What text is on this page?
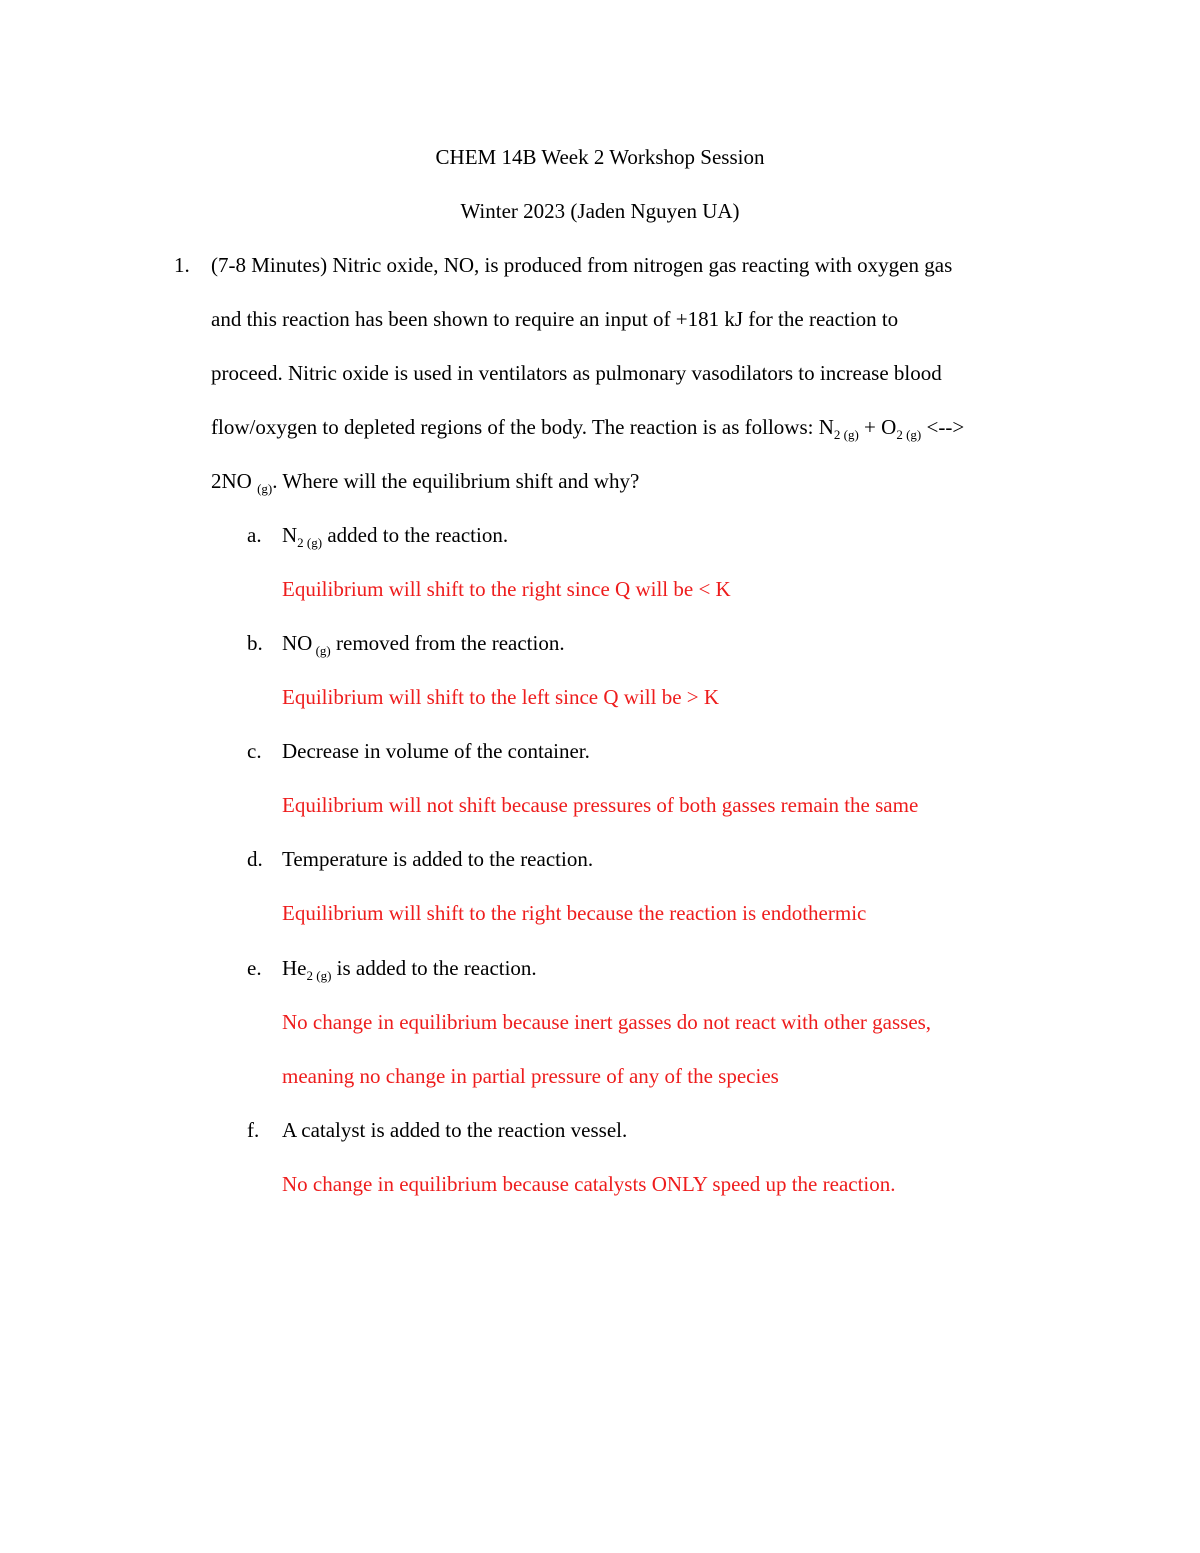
CHEM 14B Week 2 Workshop Session
Winter 2023 (Jaden Nguyen UA)
1. (7-8 Minutes) Nitric oxide, NO, is produced from nitrogen gas reacting with oxygen gas
and this reaction has been shown to require an input of +181 kJ for the reaction to
proceed. Nitric oxide is used in ventilators as pulmonary vasodilators to increase blood
flow/oxygen to depleted regions of the body. The reaction is as follows: $N_{2 (g)} + O_{2 (g)}$ <-->
2NO $_{(g)}$. Where will the equilibrium shift and why?
a. $N_{2 (g)}$ added to the reaction.
Equilibrium will shift to the right since Q will be < K
b. NO $_{(g)}$ removed from the reaction.
Equilibrium will shift to the left since Q will be > K
c. Decrease in volume of the container.
Equilibrium will not shift because pressures of both gasses remain the same
d. Temperature is added to the reaction.
Equilibrium will shift to the right because the reaction is endothermic
e. $He_{2 (g)}$ is added to the reaction.
No change in equilibrium because inert gasses do not react with other gasses,
meaning no change in partial pressure of any of the species
f. A catalyst is added to the reaction vessel.
No change in equilibrium because catalysts ONLY speed up the reaction.
